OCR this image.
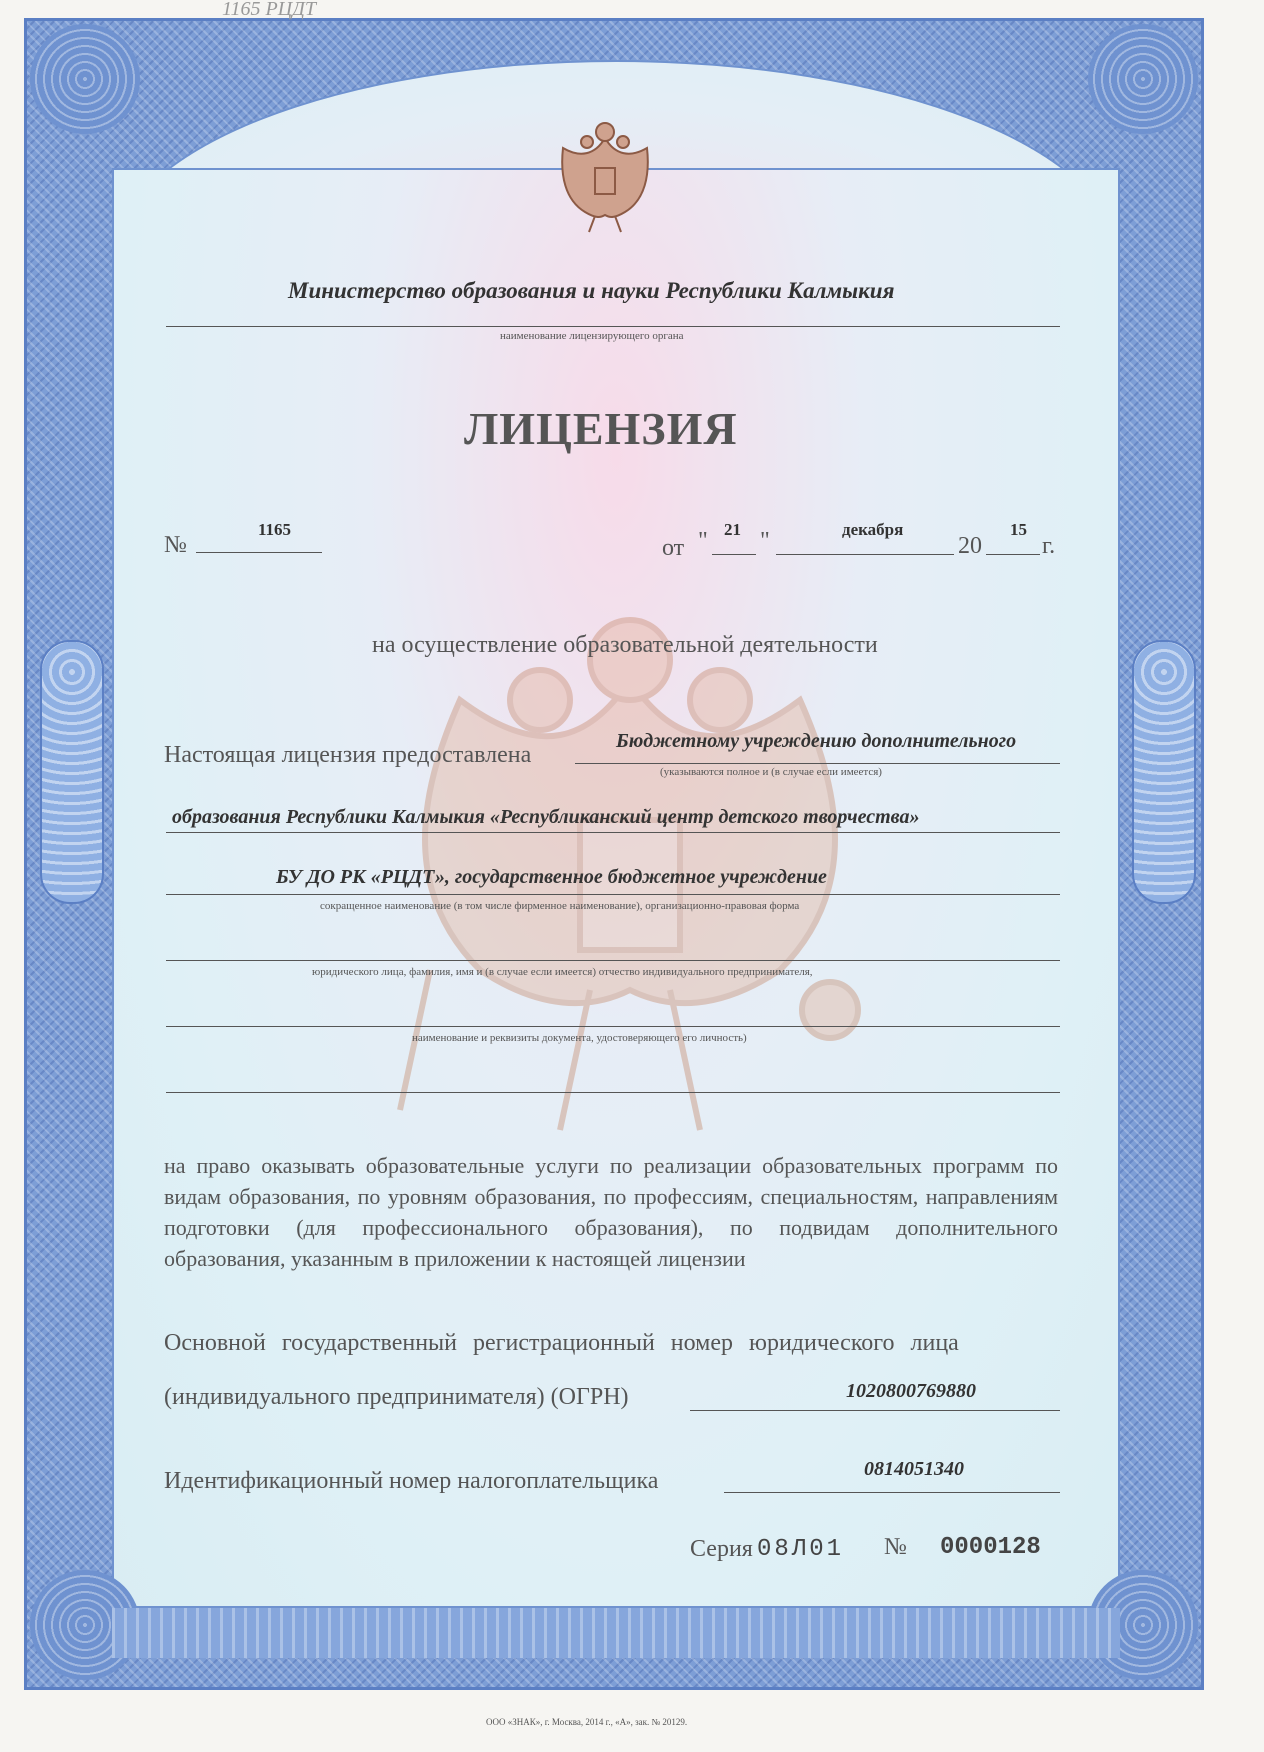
1165 РЦДТ
Министерство образования и науки Республики Калмыкия
наименование лицензирующего органа
ЛИЦЕНЗИЯ
№
1165
от " 21 "	декабря
20
15
г.
на осуществление образовательной деятельности
Настоящая лицензия предоставлена
Бюджетному учреждению дополнительного
(указываются полное и (в случае если имеется)
образования Республики Калмыкия «Республиканский центр детского творчества»
БУ ДО РК «РЦДТ», государственное бюджетное учреждение
сокращенное наименование (в том числе фирменное наименование), организационно-правовая форма
юридического лица, фамилия, имя и (в случае если имеется) отчество индивидуального предпринимателя,
наименование и реквизиты документа, удостоверяющего его личность)
на право оказывать образовательные услуги по реализации образовательных программ по видам образования, по уровням образования, по профессиям, специальностям, направлениям подготовки (для профессионального образования), по подвидам дополнительного образования, указанным в приложении к настоящей лицензии
Основной государственный регистрационный номер юридического лица
(индивидуального предпринимателя) (ОГРН)	1020800769880
Идентификационный номер налогоплательщика	0814051340
Серия 08Л01 № 0000128
ООО «ЗНАК», г. Москва, 2014 г., «А», зак. № 20129.
